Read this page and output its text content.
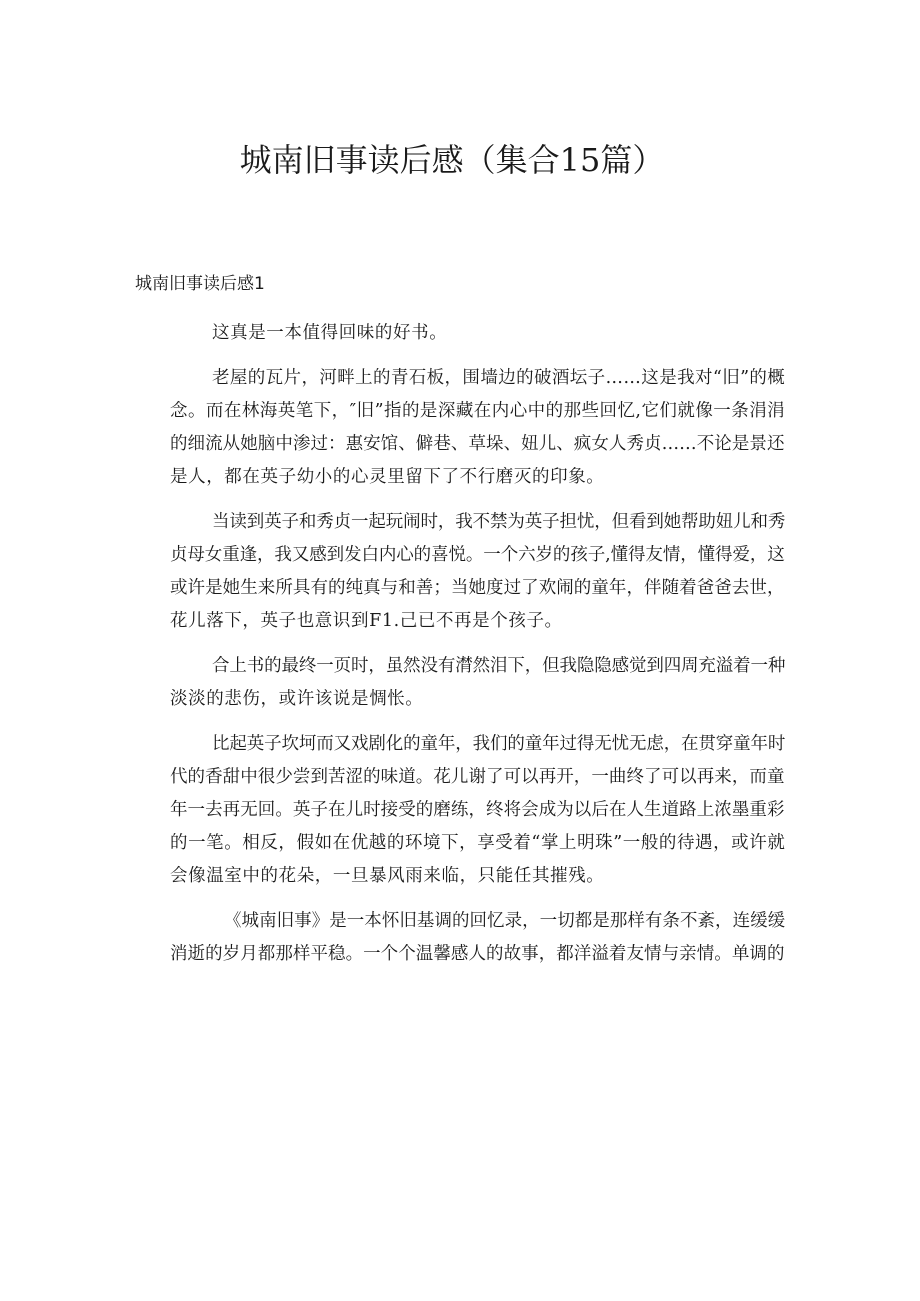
城南旧事读后感（集合15篇）
城南旧事读后感1

这真是一本值得回味的好书。

老屋的瓦片，河畔上的青石板，围墙边的破酒坛子……这是我对“旧”的概
念。而在林海英笔下，″旧”指的是深藏在内心中的那些回忆,它们就像一条涓涓
的细流从她脑中渗过：惠安馆、僻巷、草垛、妞儿、疯女人秀贞……不论是景还
是人，都在英子幼小的心灵里留下了不行磨灭的印象。

当读到英子和秀贞一起玩闹时，我不禁为英子担忧，但看到她帮助妞儿和秀
贞母女重逢，我又感到发白内心的喜悦。一个六岁的孩子,懂得友情，懂得爱，这
或许是她生来所具有的纯真与和善；当她度过了欢闹的童年，伴随着爸爸去世，
花儿落下，英子也意识到F1.己已不再是个孩子。

合上书的最终一页时，虽然没有潸然泪下，但我隐隐感觉到四周充溢着一种
淡淡的悲伤，或许该说是惆怅。

比起英子坎坷而又戏剧化的童年，我们的童年过得无忧无虑，在贯穿童年时
代的香甜中很少尝到苦涩的味道。花儿谢了可以再开，一曲终了可以再来，而童
年一去再无回。英子在儿时接受的磨练，终将会成为以后在人生道路上浓墨重彩
的一笔。相反，假如在优越的环境下，享受着“掌上明珠”一般的待遇，或许就
会像温室中的花朵，一旦暴风雨来临，只能任其摧残。

《城南旧事》是一本怀旧基调的回忆录，一切都是那样有条不紊，连缓缓
消逝的岁月都那样平稳。一个个温馨感人的故事，都洋溢着友情与亲情。单调的
